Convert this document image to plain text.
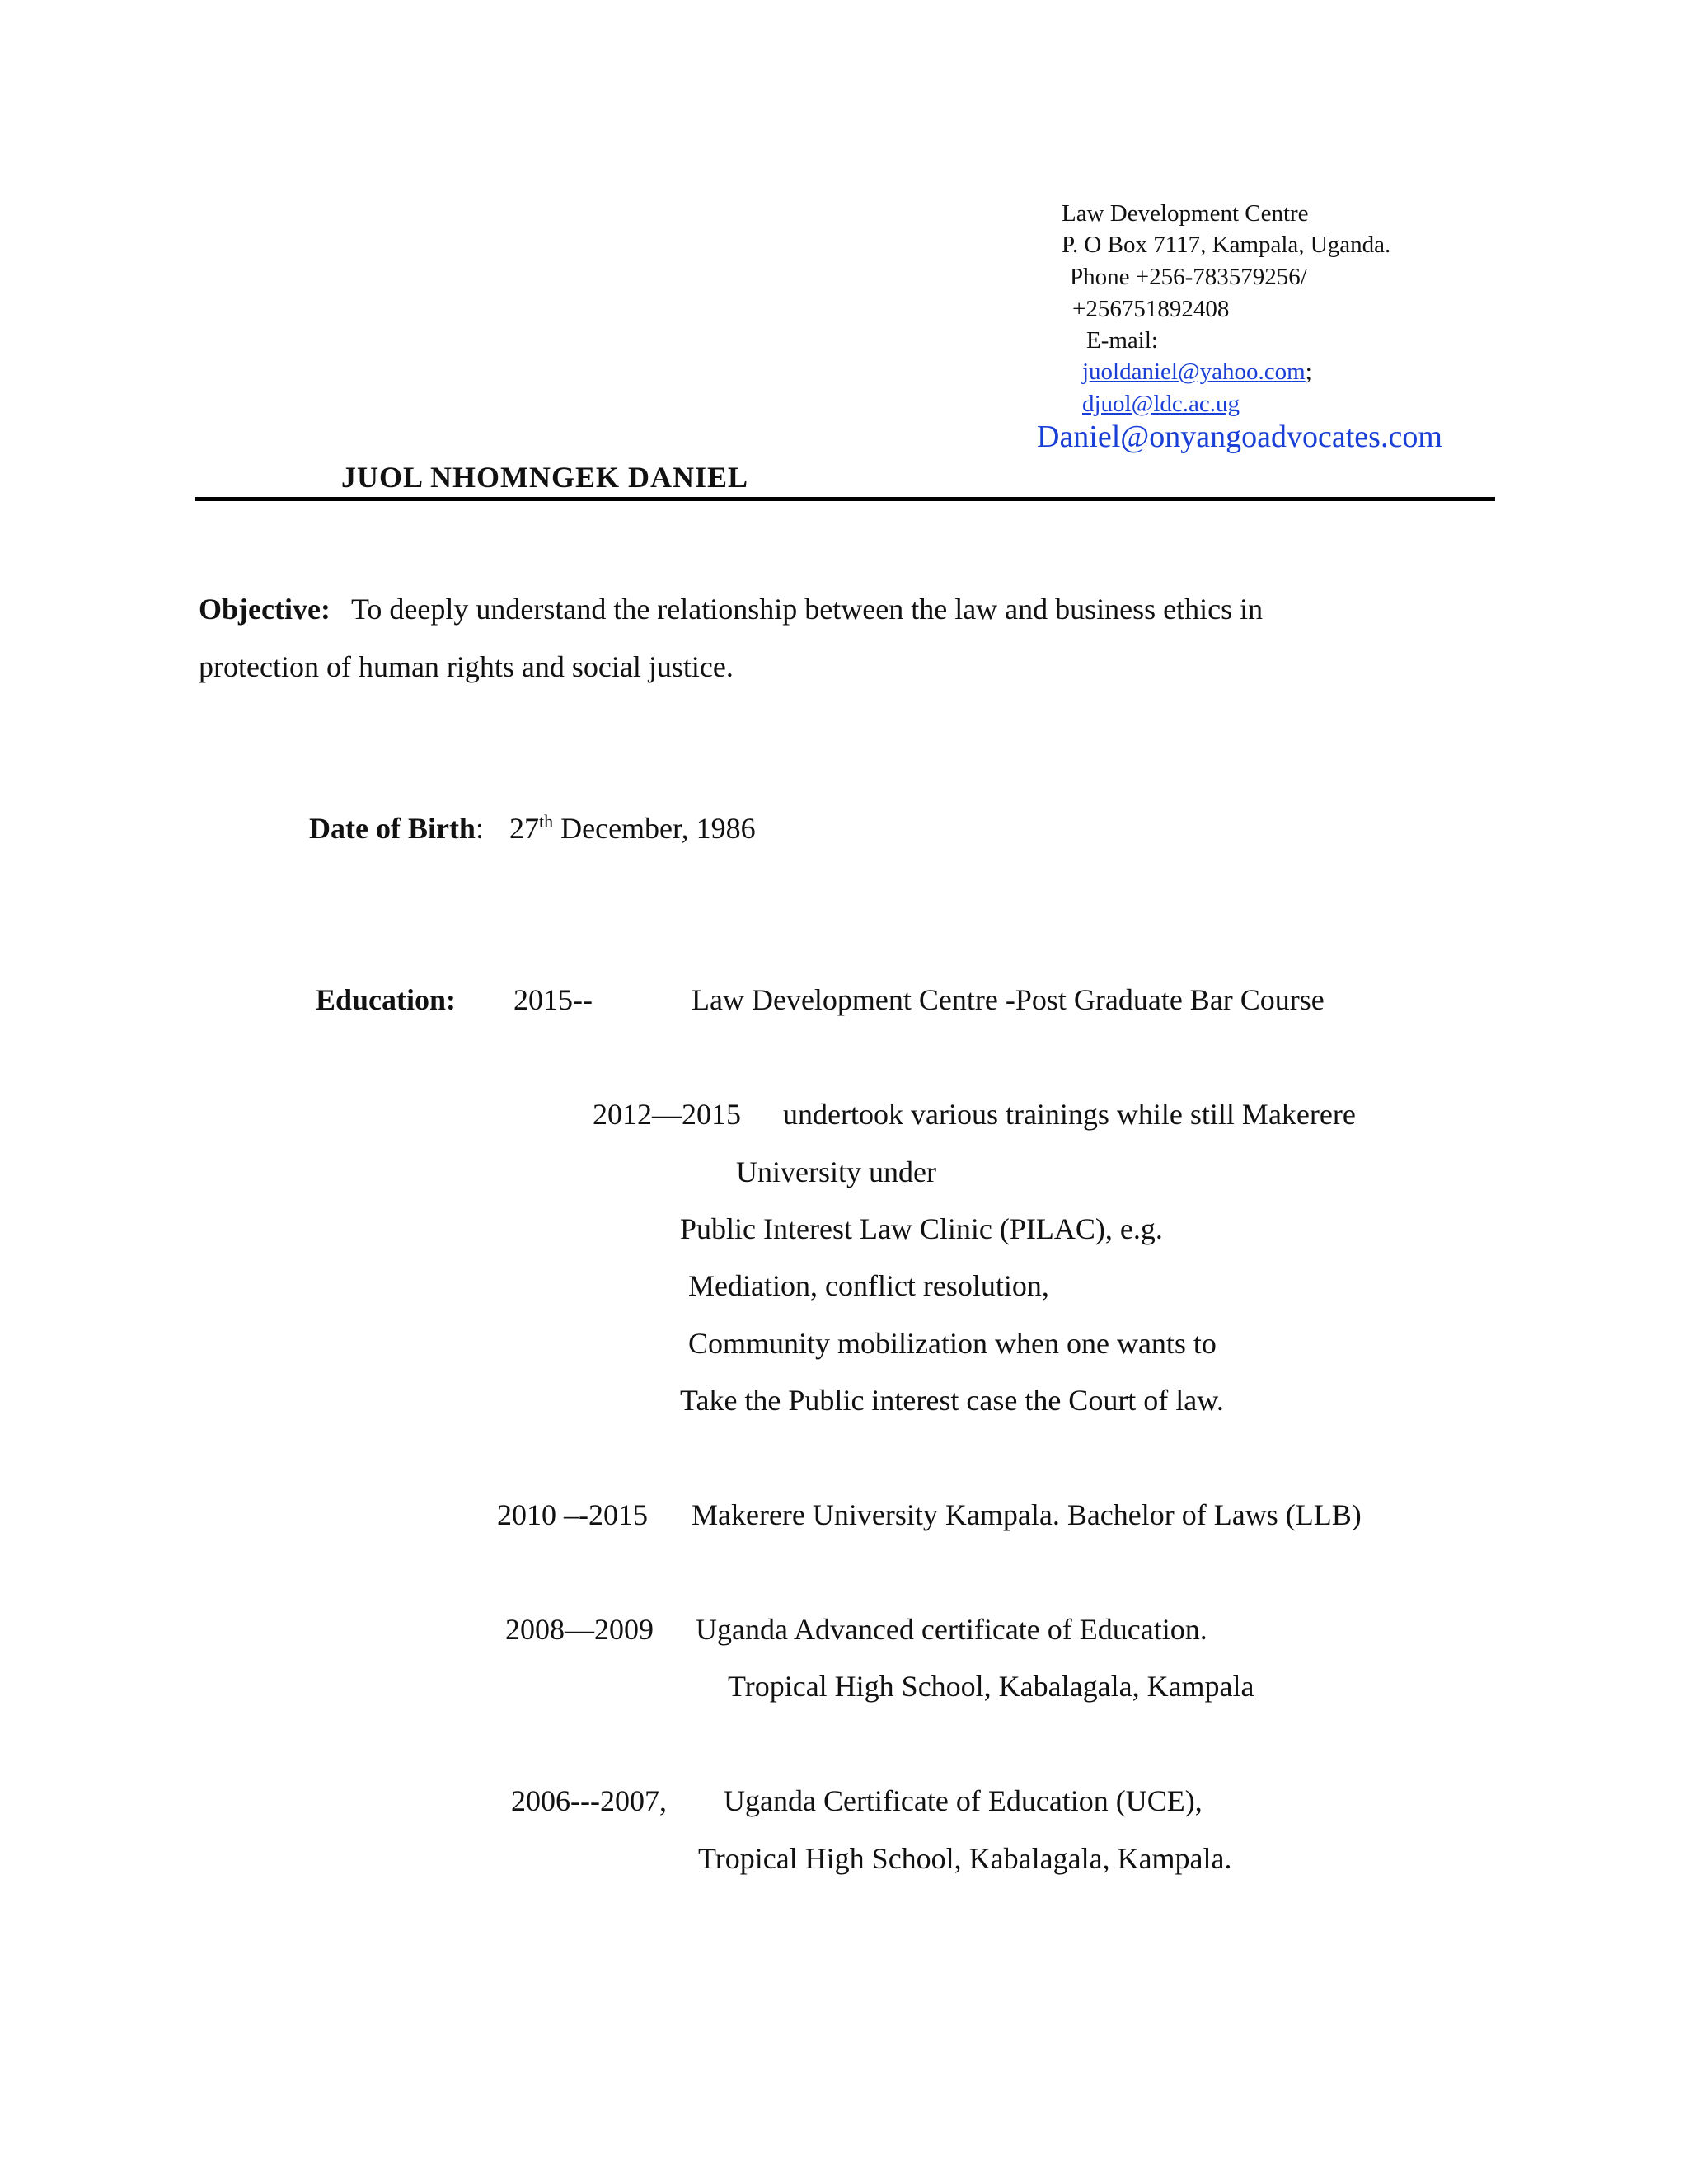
Law Development Centre
P. O Box 7117, Kampala, Uganda.
Phone +256-783579256/
+256751892408
E-mail:
juoldaniel@yahoo.com;
djuol@ldc.ac.ug
Daniel@onyangoadvocates.com
JUOL NHOMNGEK DANIEL
Objective: To deeply understand the relationship between the law and business ethics in
protection of human rights and social justice.
Date of Birth: 27th December, 1986
Education: 2015--	Law Development Centre -Post Graduate Bar Course
2012—2015 undertook various trainings while still Makerere
University under
Public Interest Law Clinic (PILAC), e.g.
Mediation, conflict resolution,
Community mobilization when one wants to
Take the Public interest case the Court of law.
2010 –-2015 Makerere University Kampala. Bachelor of Laws (LLB)
2008—2009 Uganda Advanced certificate of Education.
Tropical High School, Kabalagala, Kampala
2006---2007, Uganda Certificate of Education (UCE),
Tropical High School, Kabalagala, Kampala.
